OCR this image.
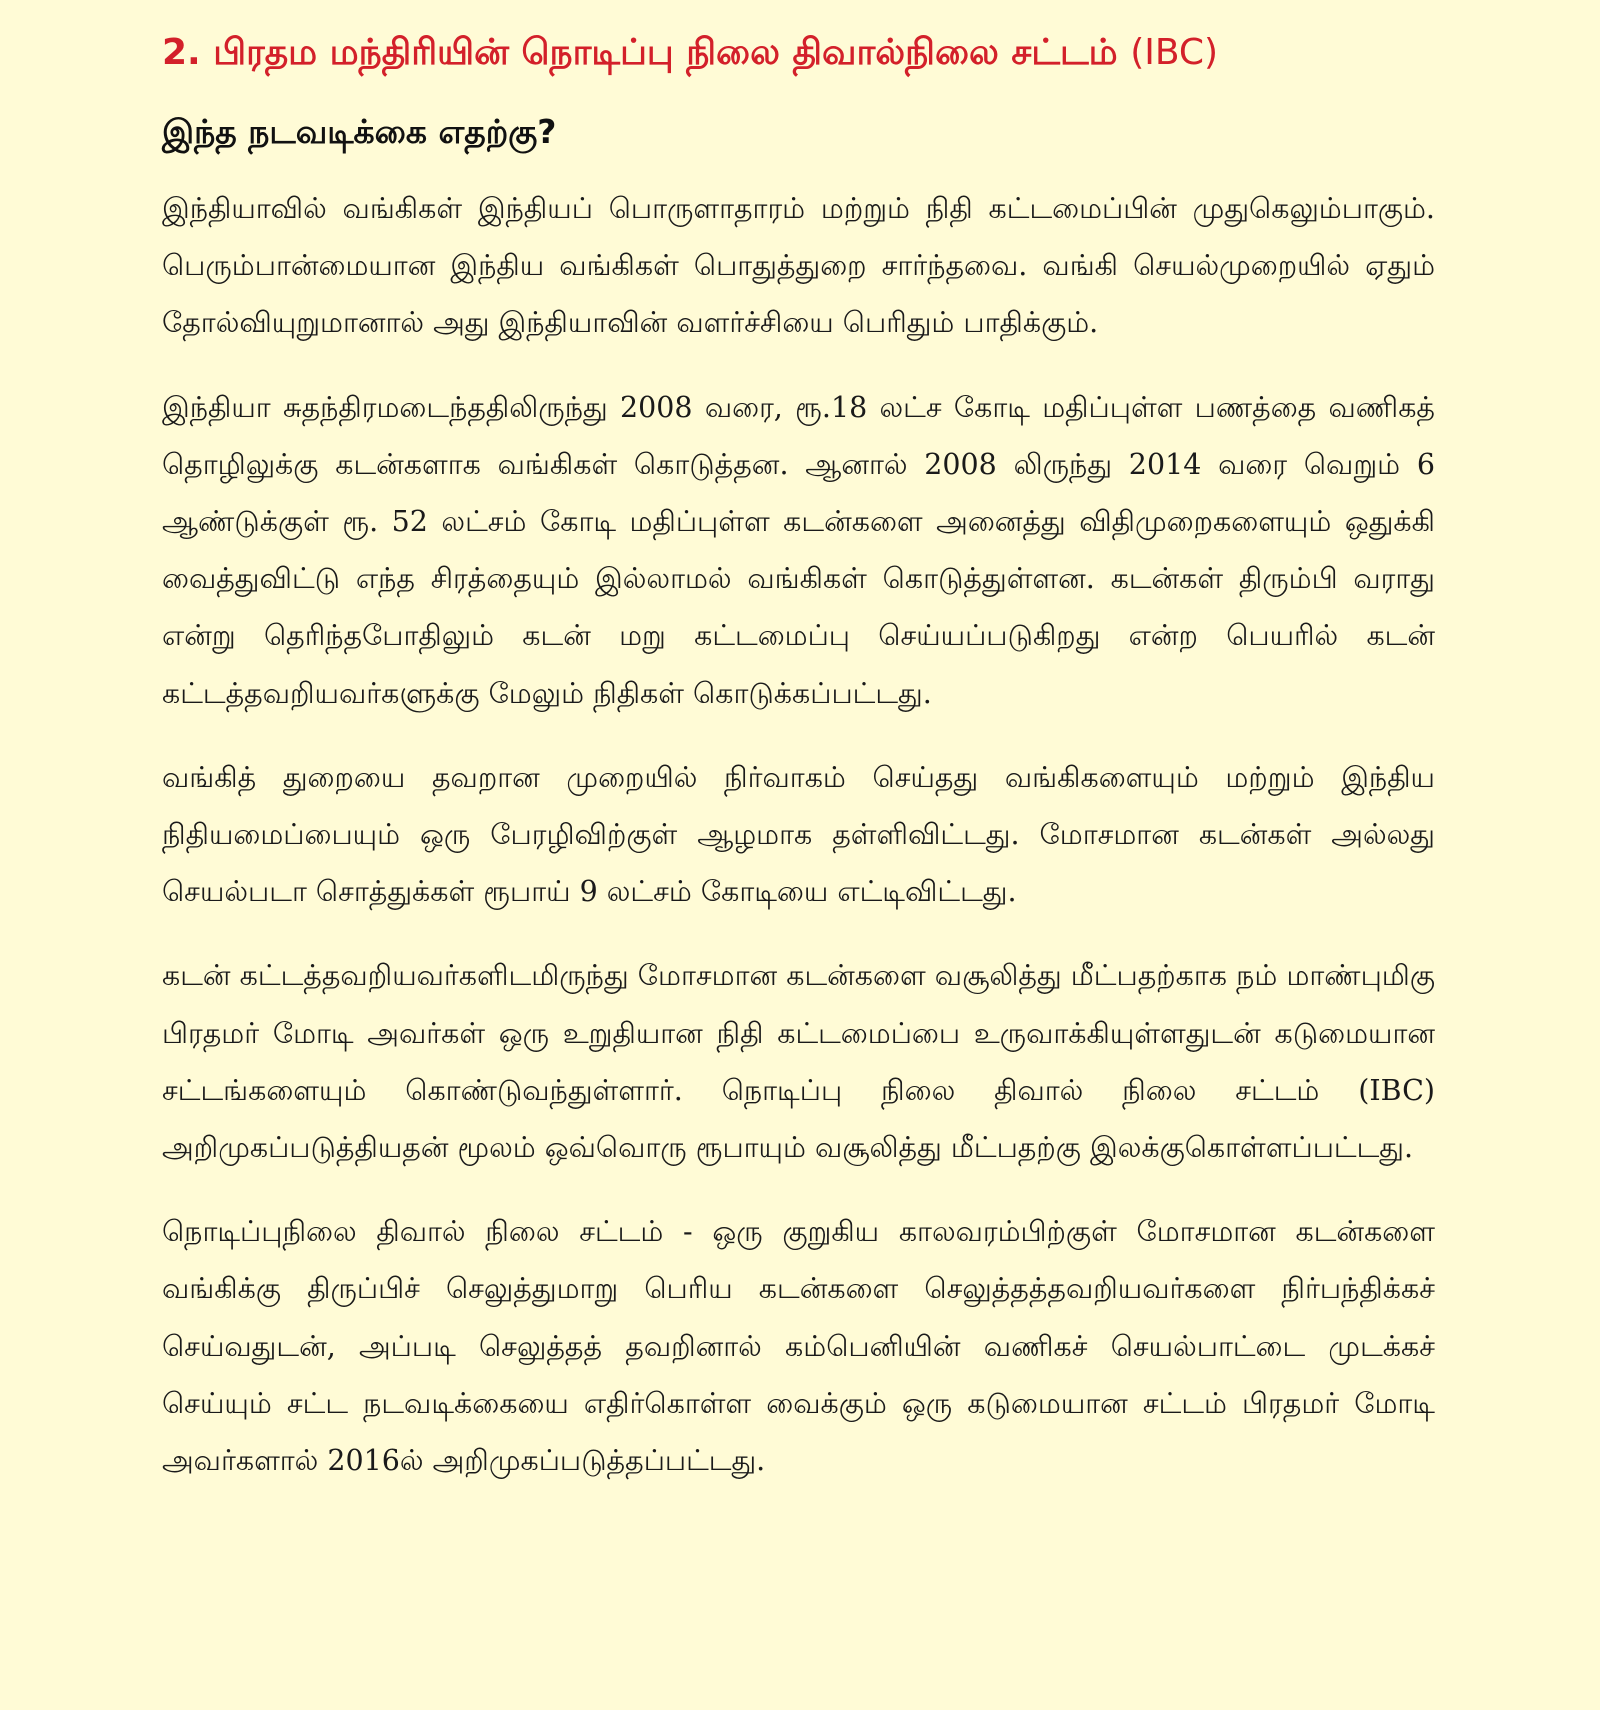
2. பிரதம மந்திரியின் நொடிப்பு நிலை திவால்நிலை சட்டம் (IBC)
இந்த நடவடிக்கை எதற்கு?

இந்தியாவில் வங்கிகள் இந்தியப் பொருளாதாரம் மற்றும் நிதி கட்டமைப்பின் முதுகெலும்பாகும். பெரும்பான்மையான இந்திய வங்கிகள் பொதுத்துறை சார்ந்தவை. வங்கி செயல்முறையில் ஏதும் தோல்வியுறுமானால் அது இந்தியாவின் வளர்ச்சியை பெரிதும் பாதிக்கும்.

இந்தியா சுதந்திரமடைந்ததிலிருந்து 2008 வரை, ரூ.18 லட்ச கோடி மதிப்புள்ள பணத்தை வணிகத் தொழிலுக்கு கடன்களாக வங்கிகள் கொடுத்தன. ஆனால் 2008 லிருந்து 2014 வரை வெறும் 6 ஆண்டுக்குள் ரூ. 52 லட்சம் கோடி மதிப்புள்ள கடன்களை அனைத்து விதிமுறைகளையும் ஒதுக்கி வைத்துவிட்டு எந்த சிரத்தையும் இல்லாமல் வங்கிகள் கொடுத்துள்ளன. கடன்கள் திரும்பி வராது என்று தெரிந்தபோதிலும் கடன் மறு கட்டமைப்பு செய்யப்படுகிறது என்ற பெயரில் கடன் கட்டத்தவறியவர்களுக்கு மேலும் நிதிகள் கொடுக்கப்பட்டது.

வங்கித் துறையை தவறான முறையில் நிர்வாகம் செய்தது வங்கிகளையும் மற்றும் இந்திய நிதியமைப்பையும் ஒரு பேரழிவிற்குள் ஆழமாக தள்ளிவிட்டது. மோசமான கடன்கள் அல்லது செயல்படா சொத்துக்கள் ரூபாய் 9 லட்சம் கோடியை எட்டிவிட்டது.

கடன் கட்டத்தவறியவர்களிடமிருந்து மோசமான கடன்களை வசூலித்து மீட்பதற்காக நம் மாண்புமிகு பிரதமர் மோடி அவர்கள் ஒரு உறுதியான நிதி கட்டமைப்பை உருவாக்கியுள்ளதுடன் கடுமையான சட்டங்களையும் கொண்டுவந்துள்ளார். நொடிப்பு நிலை திவால் நிலை சட்டம் (IBC) அறிமுகப்படுத்தியதன் மூலம் ஒவ்வொரு ரூபாயும் வசூலித்து மீட்பதற்கு இலக்குகொள்ளப்பட்டது.

நொடிப்புநிலை திவால் நிலை சட்டம் - ஒரு குறுகிய காலவரம்பிற்குள் மோசமான கடன்களை வங்கிக்கு திருப்பிச் செலுத்துமாறு பெரிய கடன்களை செலுத்தத்தவறியவர்களை நிர்பந்திக்கச் செய்வதுடன், அப்படி செலுத்தத் தவறினால் கம்பெனியின் வணிகச் செயல்பாட்டை முடக்கச் செய்யும் சட்ட நடவடிக்கையை எதிர்கொள்ள வைக்கும் ஒரு கடுமையான சட்டம் பிரதமர் மோடி அவர்களால் 2016ல் அறிமுகப்படுத்தப்பட்டது.
